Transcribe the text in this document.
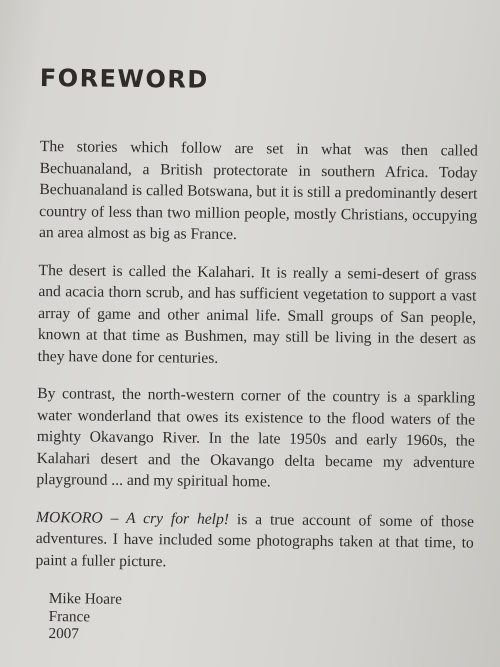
FOREWORD

The stories which follow are set in what was then called Bechuanaland, a British protectorate in southern Africa. Today Bechuanaland is called Botswana, but it is still a predominantly desert country of less than two million people, mostly Christians, occupying an area almost as big as France.

The desert is called the Kalahari. It is really a semi-desert of grass and acacia thorn scrub, and has sufficient vegetation to support a vast array of game and other animal life. Small groups of San people, known at that time as Bushmen, may still be living in the desert as they have done for centuries.

By contrast, the north-western corner of the country is a sparkling water wonderland that owes its existence to the flood waters of the mighty Okavango River. In the late 1950s and early 1960s, the Kalahari desert and the Okavango delta became my adventure playground ... and my spiritual home.

MOKORO – A cry for help! is a true account of some of those adventures. I have included some photographs taken at that time, to paint a fuller picture.

Mike Hoare
France
2007
